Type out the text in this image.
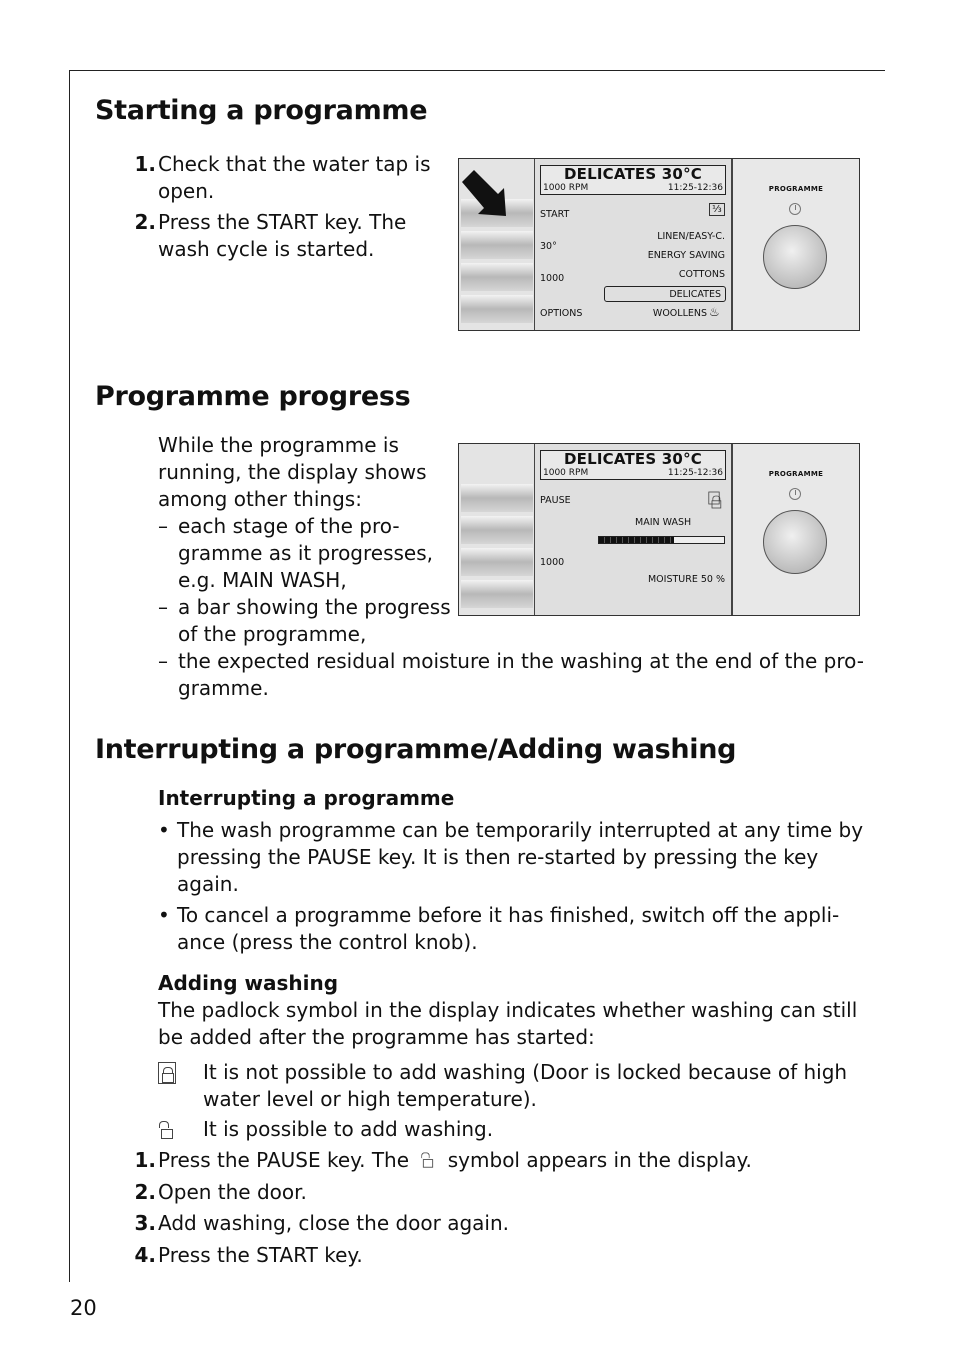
Starting a programme
1. Check that the water tap is
open.
2. Press the START key. The
wash cycle is started.
DELICATES 30°C
1000 RPM	11:25-12:36
START	⅓
30°
1000
OPTIONS
LINEN/EASY-C.
ENERGY SAVING
COTTONS
DELICATES
WOOLLENS ♨
PROGRAMME
Programme progress
While the programme is
running, the display shows
among other things:
– each stage of the pro-
gramme as it progresses,
e.g. MAIN WASH,
– a bar showing the progress
of the programme,
– the expected residual moisture in the washing at the end of the pro-
gramme.
DELICATES 30°C
1000 RPM	11:25-12:36
PAUSE
MAIN WASH
1000
MOISTURE 50 %
PROGRAMME
Interrupting a programme/Adding washing
Interrupting a programme
• The wash programme can be temporarily interrupted at any time by
pressing the PAUSE key. It is then re-started by pressing the key
again.
• To cancel a programme before it has finished, switch off the appli-
ance (press the control knob).
Adding washing
The padlock symbol in the display indicates whether washing can still
be added after the programme has started:
It is not possible to add washing (Door is locked because of high
water level or high temperature).
It is possible to add washing.
1. Press the PAUSE key. The symbol appears in the display.
2. Open the door.
3. Add washing, close the door again.
4. Press the START key.
20
